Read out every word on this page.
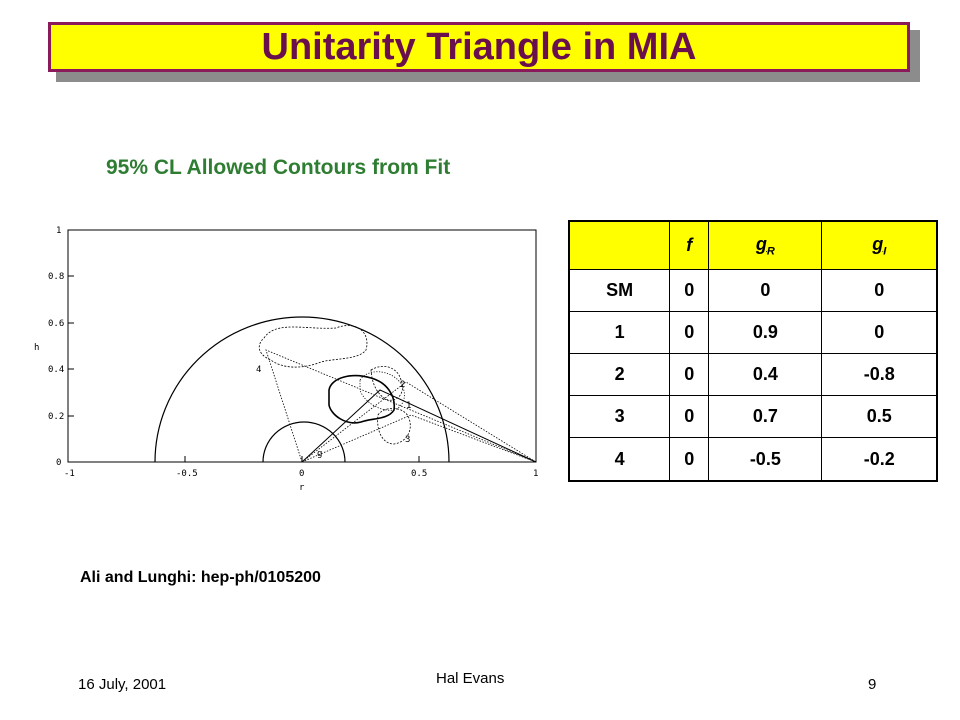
Unitarity Triangle in MIA
95% CL Allowed Contours from Fit
-1	-0.5	0	0.5	1
0
0.2
0.4
0.6
0.8
1
r
h
1
2
3
4
g
	f	$g_R$	$g_I$
SM	0	0	0
1	0	0.9	0
2	0	0.4	-0.8
3	0	0.7	0.5
4	0	-0.5	-0.2
Ali and Lunghi: hep-ph/0105200
16 July, 2001	Hal Evans	9
